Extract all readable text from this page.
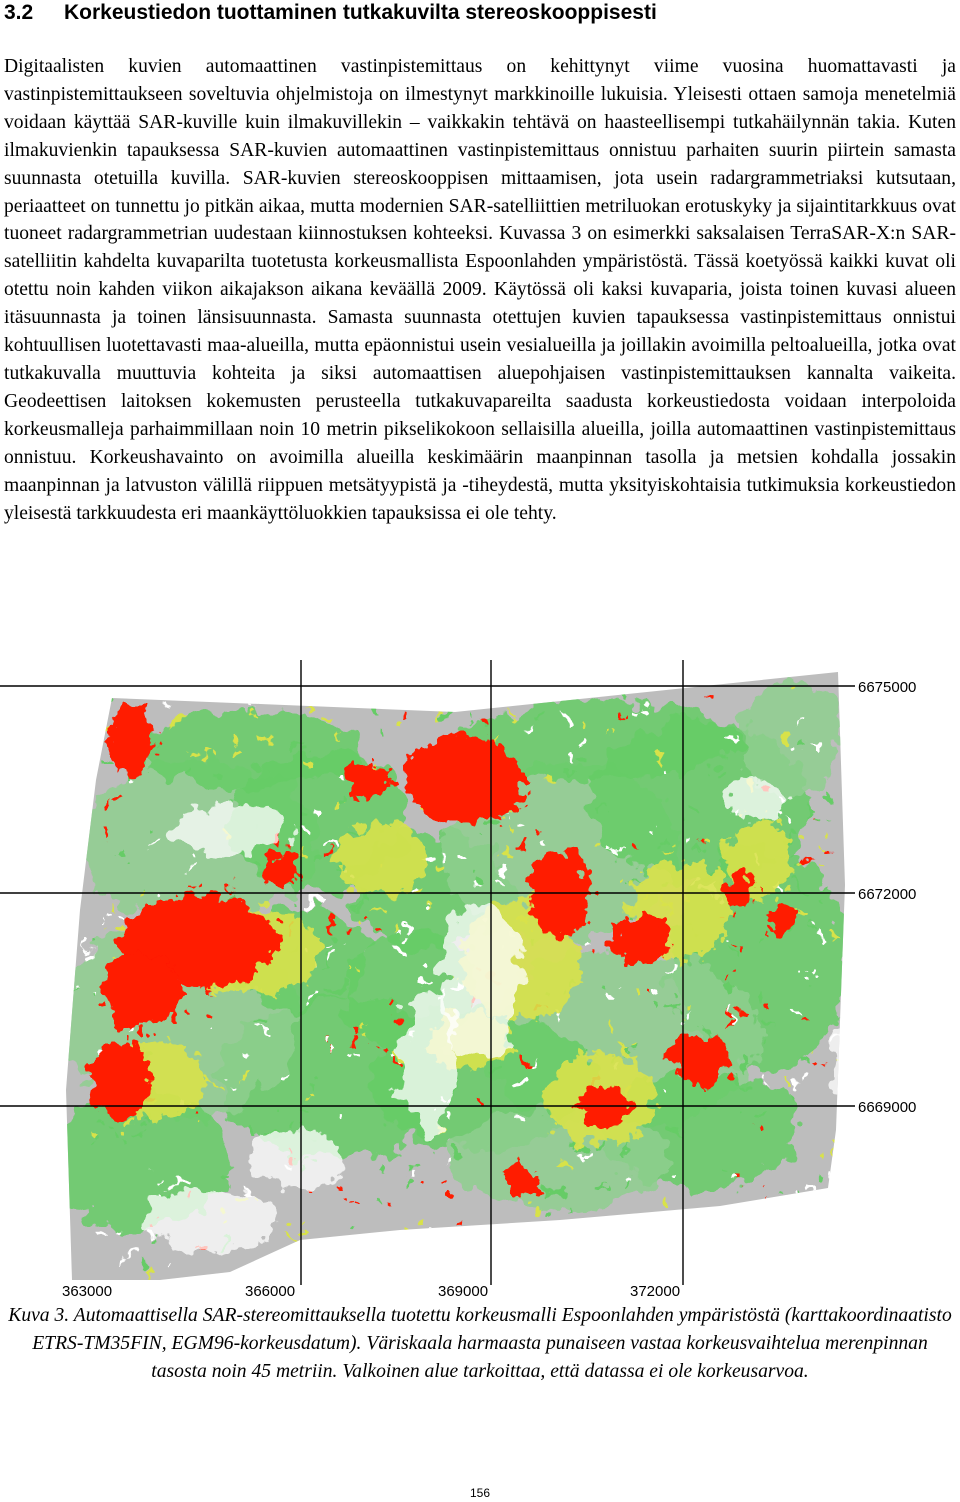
3.2 Korkeustiedon tuottaminen tutkakuvilta stereoskooppisesti

Digitaalisten kuvien automaattinen vastinpistemittaus on kehittynyt viime vuosina huomattavasti ja vastinpistemittaukseen soveltuvia ohjelmistoja on ilmestynyt markkinoille lukuisia. Yleisesti ottaen samoja menetelmiä voidaan käyttää SAR-kuville kuin ilmakuvillekin – vaikkakin tehtävä on haasteellisempi tutkahäilynnän takia. Kuten ilmakuvienkin tapauksessa SAR-kuvien automaattinen vastinpistemittaus onnistuu parhaiten suurin piirtein samasta suunnasta otetuilla kuvilla. SAR-kuvien stereoskooppisen mittaamisen, jota usein radargrammetriaksi kutsutaan, periaatteet on tunnettu jo pitkän aikaa, mutta modernien SAR-satelliittien metriluokan erotuskyky ja sijaintitarkkuus ovat tuoneet radargrammetrian uudestaan kiinnostuksen kohteeksi. Kuvassa 3 on esimerkki saksalaisen TerraSAR-X:n SAR-satelliitin kahdelta kuvaparilta tuotetusta korkeusmallista Espoonlahden ympäristöstä. Tässä koetyössä kaikki kuvat oli otettu noin kahden viikon aikajakson aikana keväällä 2009. Käytössä oli kaksi kuvaparia, joista toinen kuvasi alueen itäsuunnasta ja toinen länsisuunnasta. Samasta suunnasta otettujen kuvien tapauksessa vastinpistemittaus onnistui kohtuullisen luotettavasti maa-alueilla, mutta epäonnistui usein vesialueilla ja joillakin avoimilla peltoalueilla, jotka ovat tutkakuvalla muuttuvia kohteita ja siksi automaattisen aluepohjaisen vastinpistemittauksen kannalta vaikeita. Geodeettisen laitoksen kokemusten perusteella tutkakuvapareilta saadusta korkeustiedosta voidaan interpoloida korkeusmalleja parhaimmillaan noin 10 metrin pikselikokoon sellaisilla alueilla, joilla automaattinen vastinpistemittaus onnistuu. Korkeushavainto on avoimilla alueilla keskimäärin maanpinnan tasolla ja metsien kohdalla jossakin maanpinnan ja latvuston välillä riippuen metsätyypistä ja -tiheydestä, mutta yksityiskohtaisia tutkimuksia korkeustiedon yleisestä tarkkuudesta eri maankäyttöluokkien tapauksissa ei ole tehty.

6675000
6672000
6669000
363000	366000	369000	372000

Kuva 3. Automaattisella SAR-stereomittauksella tuotettu korkeusmalli Espoonlahden ympäristöstä (karttakoordinaatisto ETRS-TM35FIN, EGM96-korkeusdatum). Väriskaala harmaasta punaiseen vastaa korkeusvaihtelua merenpinnan tasosta noin 45 metriin. Valkoinen alue tarkoittaa, että datassa ei ole korkeusarvoa.

156
